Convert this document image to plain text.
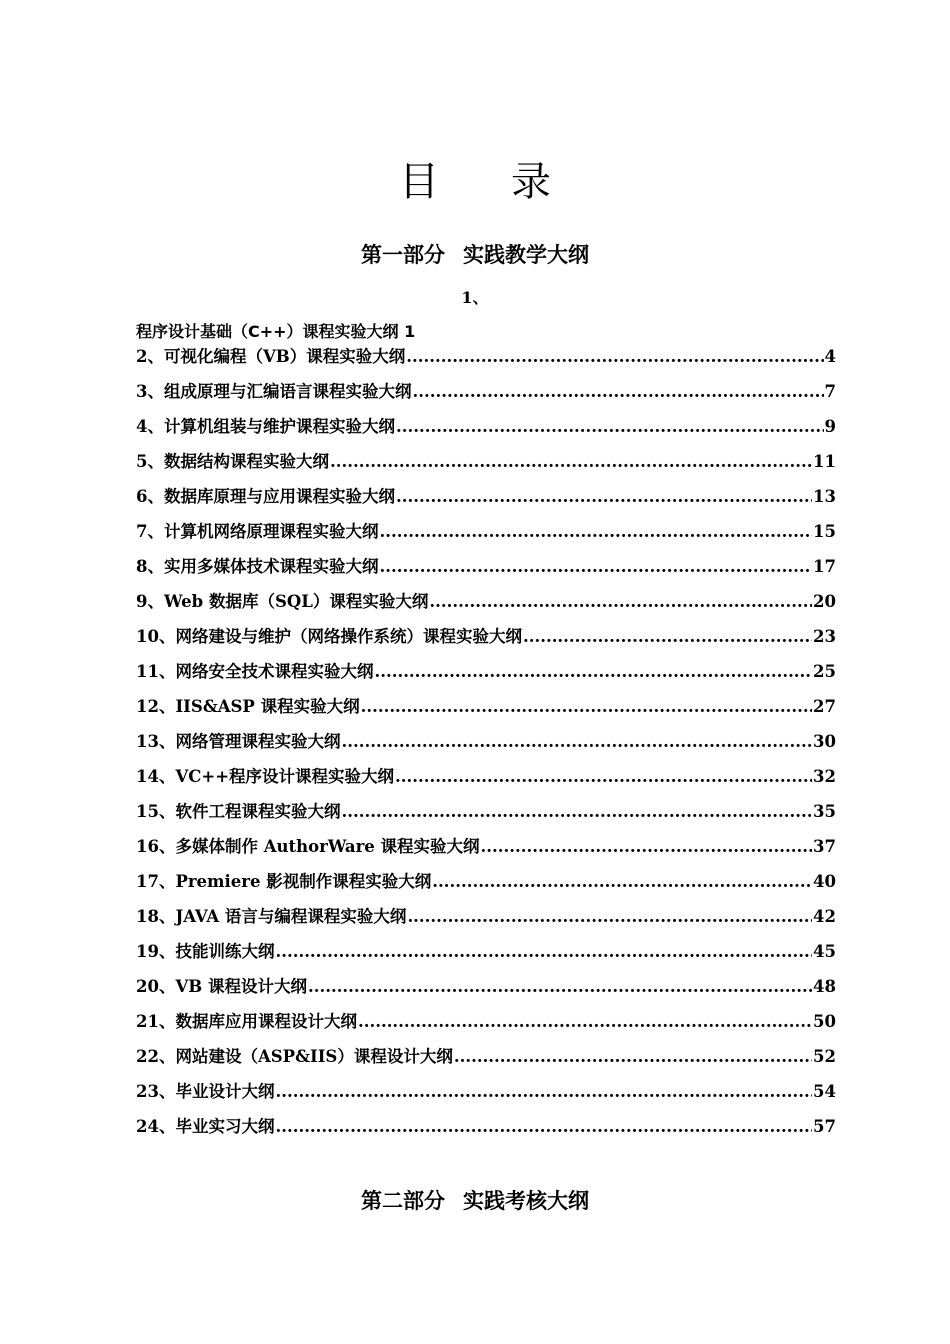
目 录
第一部分 实践教学大纲
1、
程序设计基础（C++）课程实验大纲 1
2、可视化编程（VB）课程实验大纲 .....	4
3、组成原理与汇编语言课程实验大纲 .....	7
4、计算机组装与维护课程实验大纲 .....	9
5、数据结构课程实验大纲 .....	11
6、数据库原理与应用课程实验大纲 .....	13
7、计算机网络原理课程实验大纲 .....	15
8、实用多媒体技术课程实验大纲 .....	17
9、Web 数据库（SQL）课程实验大纲 .....	20
10、网络建设与维护（网络操作系统）课程实验大纲 .....	23
11、网络安全技术课程实验大纲 .....	25
12、IIS&ASP 课程实验大纲 .....	27
13、网络管理课程实验大纲 .....	30
14、VC++程序设计课程实验大纲 .....	32
15、软件工程课程实验大纲 .....	35
16、多媒体制作 AuthorWare 课程实验大纲 .....	37
17、Premiere 影视制作课程实验大纲 .....	40
18、JAVA 语言与编程课程实验大纲 .....	42
19、技能训练大纲 .....	45
20、VB 课程设计大纲 .....	48
21、数据库应用课程设计大纲 .....	50
22、网站建设（ASP&IIS）课程设计大纲 .....	52
23、毕业设计大纲 .....	54
24、毕业实习大纲 .....	57
第二部分 实践考核大纲
